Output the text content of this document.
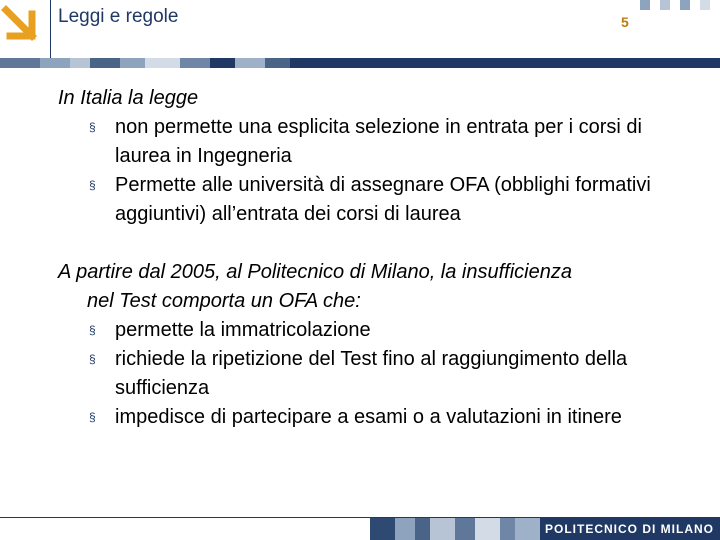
Leggi e regole	5

In Italia la legge

§ non permette una esplicita selezione in entrata per i corsi di laurea in Ingegneria
§ Permette alle università di assegnare OFA (obblighi formativi aggiuntivi) all’entrata dei corsi di laurea

A partire dal 2005, al Politecnico di Milano, la insufficienza
nel Test comporta un OFA che:

§ permette la immatricolazione
§ richiede la ripetizione del Test fino al raggiungimento della sufficienza
§ impedisce di partecipare a esami o a valutazioni in itinere
POLITECNICO DI MILANO
